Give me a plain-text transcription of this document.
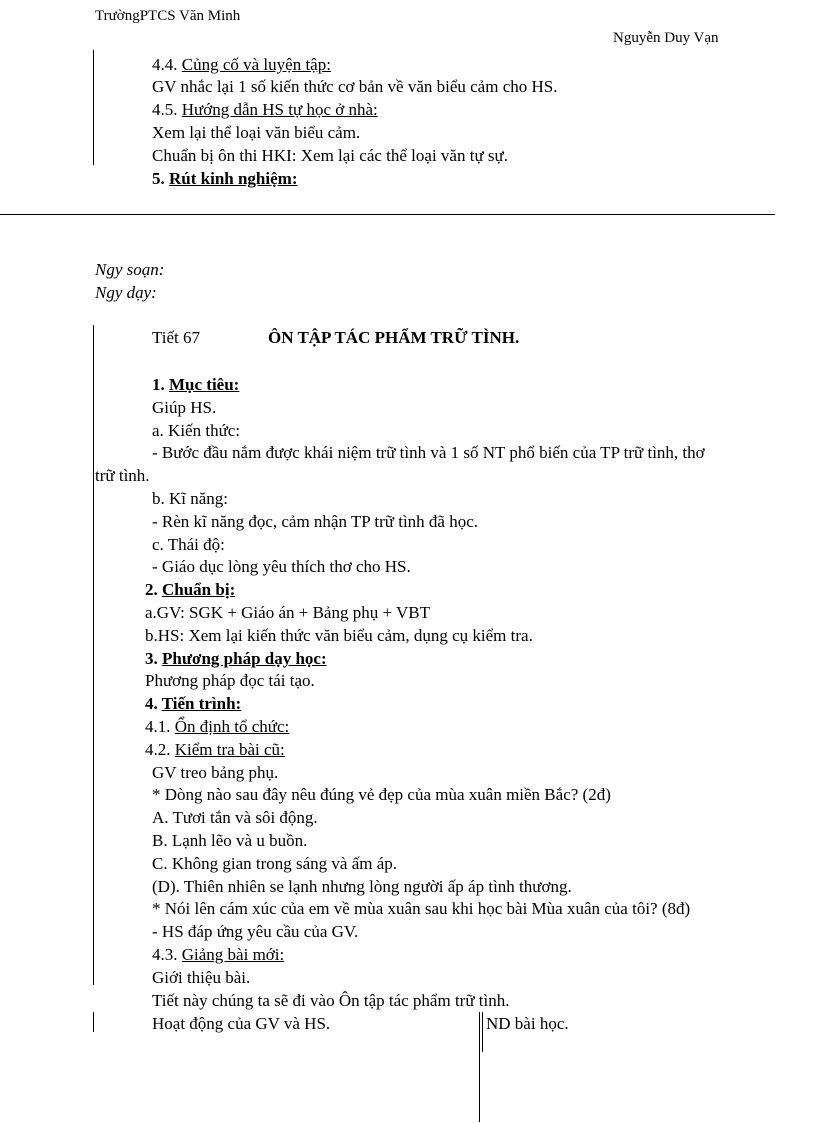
TrườngPTCS Văn Minh
Nguyễn Duy Vạn
4.4. Củng cố và luyện tập:
GV nhắc lại 1 số kiến thức cơ bản về văn biểu cảm cho HS.
4.5. Hướng dẫn HS tự học ở nhà:
Xem lại thể loại văn biểu cảm.
Chuẩn bị ôn thi HKI: Xem lại các thể loại văn tự sự.
5. Rút kinh nghiệm:
Ngy soạn:
Ngy dạy:
Tiết 67	ÔN TẬP TÁC PHẨM TRỮ TÌNH.
1. Mục tiêu:
Giúp HS.
a. Kiến thức:
- Bước đầu nắm được khái niệm trữ tình và 1 số NT phổ biến của TP trữ tình, thơ
trữ tình.
b. Kĩ năng:
- Rèn kĩ năng đọc, cảm nhận TP trữ tình đã học.
c. Thái độ:
- Giáo dục lòng yêu thích thơ cho HS.
2. Chuẩn bị:
a.GV: SGK + Giáo án + Bảng phụ + VBT
b.HS: Xem lại kiến thức văn biểu cảm, dụng cụ kiểm tra.
3. Phương pháp dạy học:
Phương pháp đọc tái tạo.
4. Tiến trình:
4.1. Ổn định tổ chức:
4.2. Kiểm tra bài cũ:
GV treo bảng phụ.
* Dòng nào sau đây nêu đúng vẻ đẹp của mùa xuân miền Bắc? (2đ)
A. Tươi tắn và sôi động.
B. Lạnh lẽo và u buồn.
C. Không gian trong sáng và ấm áp.
(D). Thiên nhiên se lạnh nhưng lòng người ấp áp tình thương.
* Nói lên cám xúc của em về mùa xuân sau khi học bài Mùa xuân của tôi? (8đ)
- HS đáp ứng yêu cầu của GV.
4.3. Giảng bài mới:
Giới thiệu bài.
Tiết này chúng ta sẽ đi vào Ôn tập tác phẩm trữ tình.
Hoạt động của GV và HS.	ND bài học.
